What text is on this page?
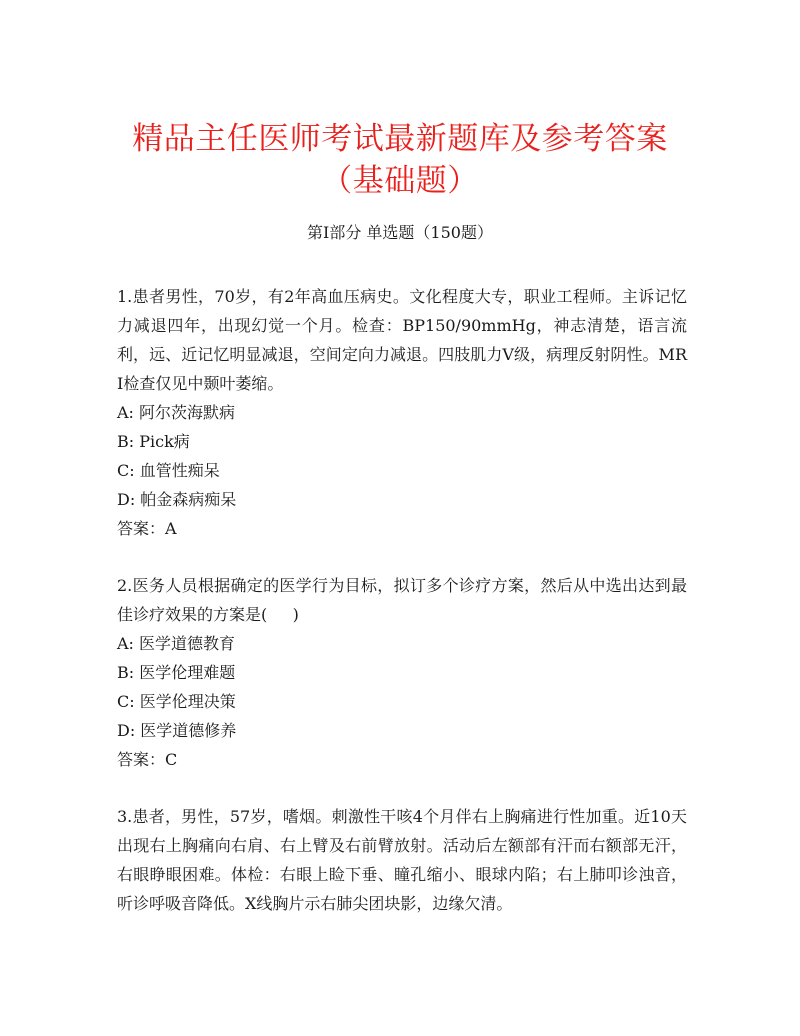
精品主任医师考试最新题库及参考答案（基础题）
第I部分 单选题（150题）
1.患者男性，70岁，有2年高血压病史。文化程度大专，职业工程师。主诉记忆力减退四年，出现幻觉一个月。检查：BP150/90mmHg，神志清楚，语言流利，远、近记忆明显减退，空间定向力减退。四肢肌力Ⅴ级，病理反射阴性。MRI检查仅见中颞叶萎缩。
A: 阿尔茨海默病
B: Pick病
C: 血管性痴呆
D: 帕金森病痴呆
答案：A
2.医务人员根据确定的医学行为目标，拟订多个诊疗方案，然后从中选出达到最佳诊疗效果的方案是(     )
A: 医学道德教育
B: 医学伦理难题
C: 医学伦理决策
D: 医学道德修养
答案：C
3.患者，男性，57岁，嗜烟。刺激性干咳4个月伴右上胸痛进行性加重。近10天出现右上胸痛向右肩、右上臂及右前臂放射。活动后左额部有汗而右额部无汗，右眼睁眼困难。体检：右眼上睑下垂、瞳孔缩小、眼球内陷；右上肺叩诊浊音，听诊呼吸音降低。X线胸片示右肺尖团块影，边缘欠清。
